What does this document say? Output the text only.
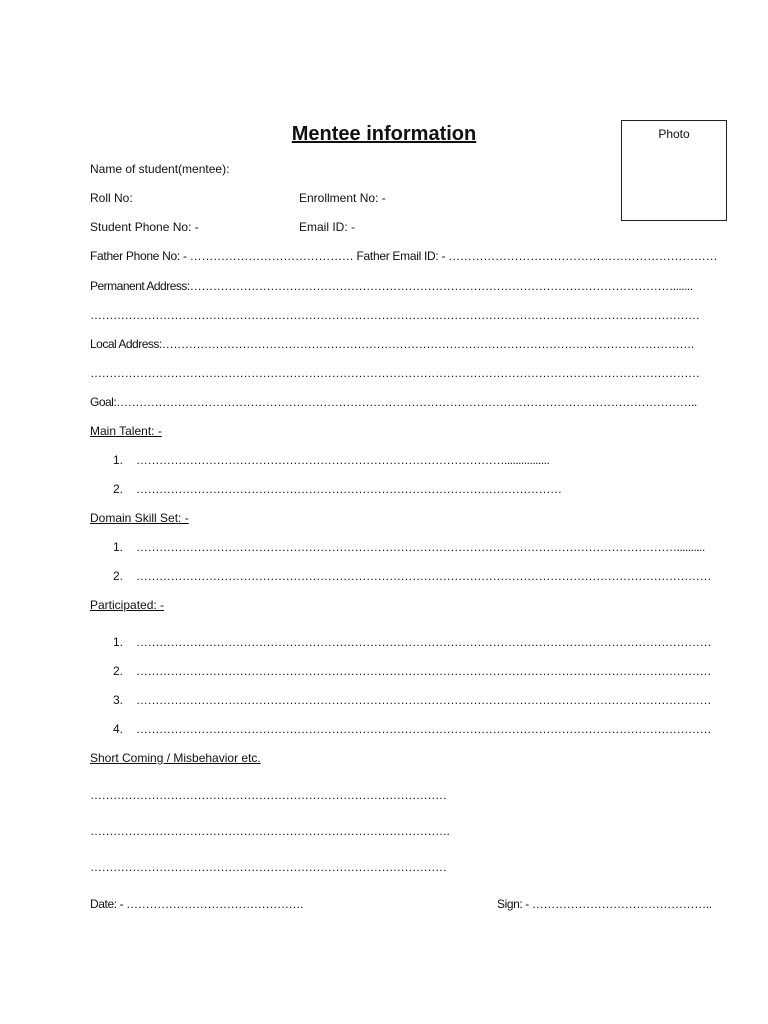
Mentee information	Photo
Name of student(mentee):
Roll No:	Enrollment No: -
Student Phone No: -	Email ID: -
Father Phone No: - …………………………………… Father Email ID: - ……………………………………………………………
Permanent Address:……………………………………………………………………………………………………………….......
……………………………………………………………………………………………………………………………………………
Local Address:………………………………………………………………………………………………………………………….
……………………………………………………………………………………………………………………………………………
Goal:……………………………………………………………………………………………………………………………………..
Main Talent: -
1. ……………………………………………………………………………………................
2. …………………………………………………………………………………………………
Domain Skill Set: -
1. ……………………………………………………………………………………………………………………………..........
2. ……………………………………………………………………………………………………………………………………
Participated: -
1. ……………………………………………………………………………………………………………………………………
2. ……………………………………………………………………………………………………………………………………
3. ……………………………………………………………………………………………………………………………………
4. ……………………………………………………………………………………………………………………………………
Short Coming / Misbehavior etc.
…………………………………………………………………………………
………………………………………………………………………………….
…………………………………………………………………………………
Date: - ……………………………………….	Sign: - ………………………………………..
